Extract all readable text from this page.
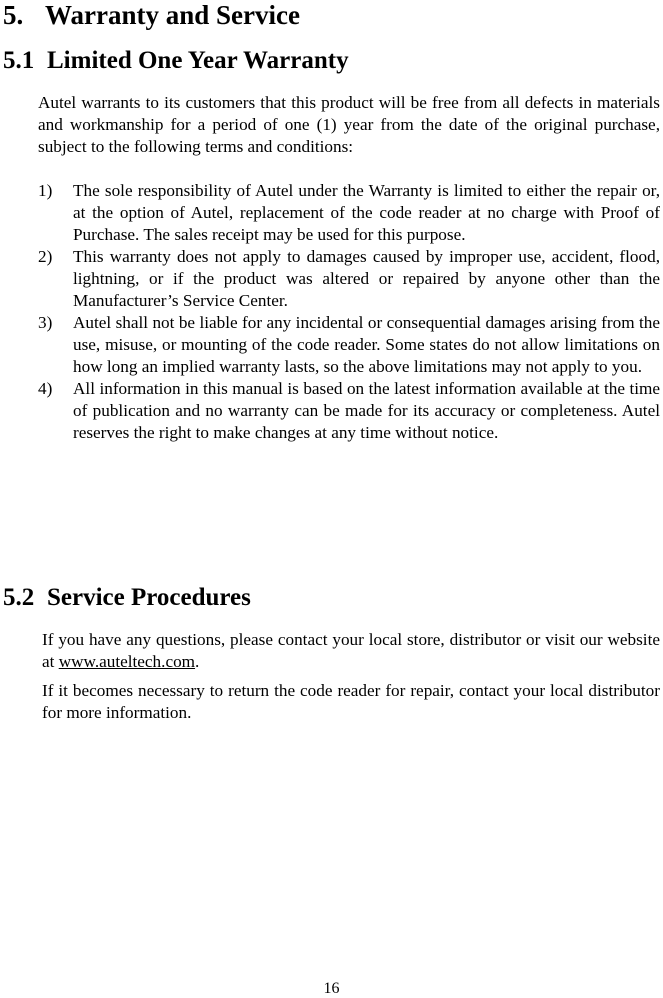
5. Warranty and Service
5.1 Limited One Year Warranty

Autel warrants to its customers that this product will be free from all defects in materials and workmanship for a period of one (1) year from the date of the original purchase, subject to the following terms and conditions:

1) The sole responsibility of Autel under the Warranty is limited to either the repair or, at the option of Autel, replacement of the code reader at no charge with Proof of Purchase. The sales receipt may be used for this purpose.
2) This warranty does not apply to damages caused by improper use, accident, flood, lightning, or if the product was altered or repaired by anyone other than the Manufacturer’s Service Center.
3) Autel shall not be liable for any incidental or consequential damages arising from the use, misuse, or mounting of the code reader. Some states do not allow limitations on how long an implied warranty lasts, so the above limitations may not apply to you.
4) All information in this manual is based on the latest information available at the time of publication and no warranty can be made for its accuracy or completeness. Autel reserves the right to make changes at any time without notice.
5.2 Service Procedures

If you have any questions, please contact your local store, distributor or visit our website at www.auteltech.com.

If it becomes necessary to return the code reader for repair, contact your local distributor for more information.

16
